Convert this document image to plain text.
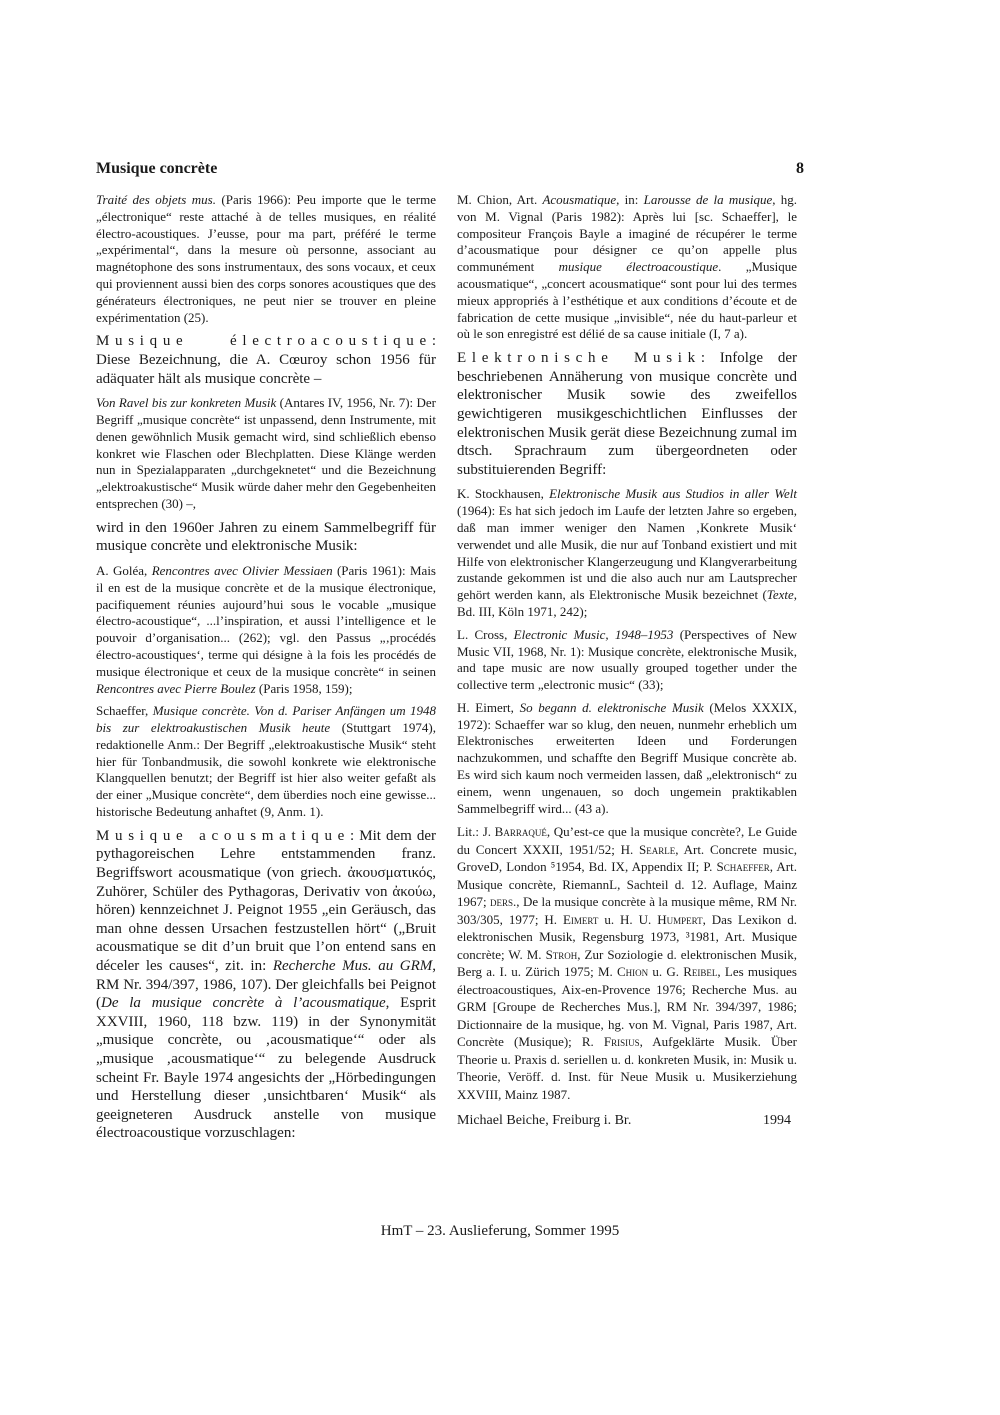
Musique concrète	8

Traité des objets mus. (Paris 1966): Peu importe que le terme „électronique“ reste attaché à de telles musiques, en réalité électro-acoustiques. J’eusse, pour ma part, préféré le terme „expérimental“, dans la mesure où personne, associant au magnétophone des sons instrumentaux, des sons vocaux, et ceux qui proviennent aussi bien des corps sonores acoustiques que des générateurs électroniques, ne peut nier se trouver en pleine expérimentation (25).

Musique électroacoustique: Diese Bezeichnung, die A. Cœuroy schon 1956 für adäquater hält als musique concrète –

Von Ravel bis zur konkreten Musik (Antares IV, 1956, Nr. 7): Der Begriff „musique concrète“ ist unpassend, denn Instrumente, mit denen gewöhnlich Musik gemacht wird, sind schließlich ebenso konkret wie Flaschen oder Blechplatten. Diese Klänge werden nun in Spezialapparaten „durchgeknetet“ und die Bezeichnung „elektroakustische“ Musik würde daher mehr den Gegebenheiten entsprechen (30) –,

wird in den 1960er Jahren zu einem Sammelbegriff für musique concrète und elektronische Musik:

A. Goléa, Rencontres avec Olivier Messiaen (Paris 1961): Mais il en est de la musique concrète et de la musique électronique, pacifiquement réunies aujourd’hui sous le vocable „musique électro-acoustique“, ...l’inspiration, et aussi l’intelligence et le pouvoir d’organisation... (262); vgl. den Passus „‚procédés électro-acoustiques‘, terme qui désigne à la fois les procédés de musique électronique et ceux de la musique concrète“ in seinen Rencontres avec Pierre Boulez (Paris 1958, 159);

Schaeffer, Musique concrète. Von d. Pariser Anfängen um 1948 bis zur elektroakustischen Musik heute (Stuttgart 1974), redaktionelle Anm.: Der Begriff „elektroakustische Musik“ steht hier für Tonbandmusik, die sowohl konkrete wie elektronische Klangquellen benutzt; der Begriff ist hier also weiter gefaßt als der einer „Musique concrète“, dem überdies noch eine gewisse... historische Bedeutung anhaftet (9, Anm. 1).

Musique acousmatique: Mit dem der pythagoreischen Lehre entstammenden franz. Begriffswort acousmatique (von griech. ἀκουσματικός, Zuhörer, Schüler des Pythagoras, Derivativ von ἀκούω, hören) kennzeichnet J. Peignot 1955 „ein Geräusch, das man ohne dessen Ursachen festzustellen hört“ („Bruit acousmatique se dit d’un bruit que l’on entend sans en déceler les causes“, zit. in: Recherche Mus. au GRM, RM Nr. 394/397, 1986, 107). Der gleichfalls bei Peignot (De la musique concrète à l’acousmatique, Esprit XXVIII, 1960, 118 bzw. 119) in der Synonymität „musique concrète, ou ‚acousmatique‘“ oder als „musique ‚acousmatique‘“ zu belegende Ausdruck scheint Fr. Bayle 1974 angesichts der „Hörbedingungen und Herstellung dieser ‚unsichtbaren‘ Musik“ als geeigneteren Ausdruck anstelle von musique électroacoustique vorzuschlagen:

M. Chion, Art. Acousmatique, in: Larousse de la musique, hg. von M. Vignal (Paris 1982): Après lui [sc. Schaeffer], le compositeur François Bayle a imaginé de récupérer le terme d’acousmatique pour désigner ce qu’on appelle plus communément musique électroacoustique. „Musique acousmatique“, „concert acousmatique“ sont pour lui des termes mieux appropriés à l’esthétique et aux conditions d’écoute et de fabrication de cette musique „invisible“, née du haut-parleur et où le son enregistré est délié de sa cause initiale (I, 7 a).

Elektronische Musik: Infolge der beschriebenen Annäherung von musique concrète und elektronischer Musik sowie des zweifellos gewichtigeren musikgeschichtlichen Einflusses der elektronischen Musik gerät diese Bezeichnung zumal im dtsch. Sprachraum zum übergeordneten oder substituierenden Begriff:

K. Stockhausen, Elektronische Musik aus Studios in aller Welt (1964): Es hat sich jedoch im Laufe der letzten Jahre so ergeben, daß man immer weniger den Namen ‚Konkrete Musik‘ verwendet und alle Musik, die nur auf Tonband existiert und mit Hilfe von elektronischer Klangerzeugung und Klangverarbeitung zustande gekommen ist und die also auch nur am Lautsprecher gehört werden kann, als Elektronische Musik bezeichnet (Texte, Bd. III, Köln 1971, 242);

L. Cross, Electronic Music, 1948–1953 (Perspectives of New Music VII, 1968, Nr. 1): Musique concrète, elektronische Musik, and tape music are now usually grouped together under the collective term „electronic music“ (33);

H. Eimert, So begann d. elektronische Musik (Melos XXXIX, 1972): Schaeffer war so klug, den neuen, nunmehr erheblich um Elektronisches erweiterten Ideen und Forderungen nachzukommen, und schaffte den Begriff Musique concrète ab. Es wird sich kaum noch vermeiden lassen, daß „elektronisch“ zu einem, wenn ungenauen, so doch ungemein praktikablen Sammelbegriff wird... (43 a).

Lit.: J. Barraqué, Qu’est-ce que la musique concrète?, Le Guide du Concert XXXII, 1951/52; H. Searle, Art. Concrete music, GroveD, London ⁵1954, Bd. IX, Appendix II; P. Schaeffer, Art. Musique concrète, RiemannL, Sachteil d. 12. Auflage, Mainz 1967; ders., De la musique concrète à la musique même, RM Nr. 303/305, 1977; H. Eimert u. H. U. Humpert, Das Lexikon d. elektronischen Musik, Regensburg 1973, ³1981, Art. Musique concrète; W. M. Stroh, Zur Soziologie d. elektronischen Musik, Berg a. I. u. Zürich 1975; M. Chion u. G. Reibel, Les musiques électroacoustiques, Aix-en-Provence 1976; Recherche Mus. au GRM [Groupe de Recherches Mus.], RM Nr. 394/397, 1986; Dictionnaire de la musique, hg. von M. Vignal, Paris 1987, Art. Concrète (Musique); R. Frisius, Aufgeklärte Musik. Über Theorie u. Praxis d. seriellen u. d. konkreten Musik, in: Musik u. Theorie, Veröff. d. Inst. für Neue Musik u. Musikerziehung XXVIII, Mainz 1987.

Michael Beiche, Freiburg i. Br.	1994
HmT – 23. Auslieferung, Sommer 1995
